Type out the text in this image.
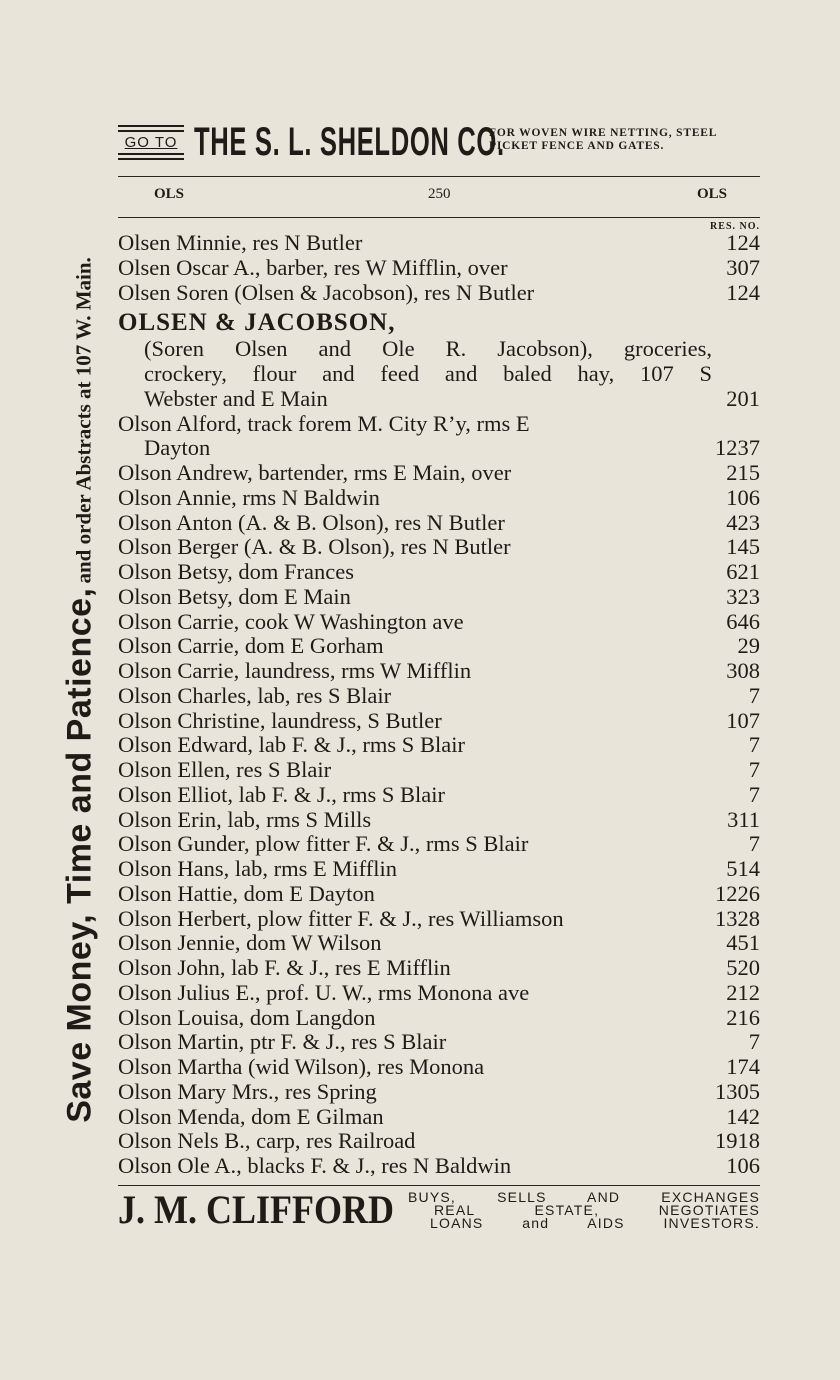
Save Money, Time and Patience, and order Abstracts at 107 W. Main.
GO TO THE S. L. SHELDON CO.
FOR WOVEN WIRE NETTING, STEEL PICKET FENCE AND GATES.
OLS	250	OLS
RES. NO.
Olsen Minnie, res N Butler	124
Olsen Oscar A., barber, res W Mifflin, over	307
Olsen Soren (Olsen & Jacobson), res N Butler	124
OLSEN & JACOBSON,
(Soren Olsen and Ole R. Jacobson), groceries,
crockery, flour and feed and baled hay, 107 S
Webster and E Main	201
Olson Alford, track forem M. City R’y, rms E
Dayton	1237
Olson Andrew, bartender, rms E Main, over	215
Olson Annie, rms N Baldwin	106
Olson Anton (A. & B. Olson), res N Butler	423
Olson Berger (A. & B. Olson), res N Butler	145
Olson Betsy, dom Frances	621
Olson Betsy, dom E Main	323
Olson Carrie, cook W Washington ave	646
Olson Carrie, dom E Gorham	29
Olson Carrie, laundress, rms W Mifflin	308
Olson Charles, lab, res S Blair	7
Olson Christine, laundress, S Butler	107
Olson Edward, lab F. & J., rms S Blair	7
Olson Ellen, res S Blair	7
Olson Elliot, lab F. & J., rms S Blair	7
Olson Erin, lab, rms S Mills	311
Olson Gunder, plow fitter F. & J., rms S Blair	7
Olson Hans, lab, rms E Mifflin	514
Olson Hattie, dom E Dayton	1226
Olson Herbert, plow fitter F. & J., res Williamson	1328
Olson Jennie, dom W Wilson	451
Olson John, lab F. & J., res E Mifflin	520
Olson Julius E., prof. U. W., rms Monona ave	212
Olson Louisa, dom Langdon	216
Olson Martin, ptr F. & J., res S Blair	7
Olson Martha (wid Wilson), res Monona	174
Olson Mary Mrs., res Spring	1305
Olson Menda, dom E Gilman	142
Olson Nels B., carp, res Railroad	1918
Olson Ole A., blacks F. & J., res N Baldwin	106
J. M. CLIFFORD BUYS, SELLS AND EXCHANGES
REAL ESTATE, NEGOTIATES
LOANS and AIDS INVESTORS.
